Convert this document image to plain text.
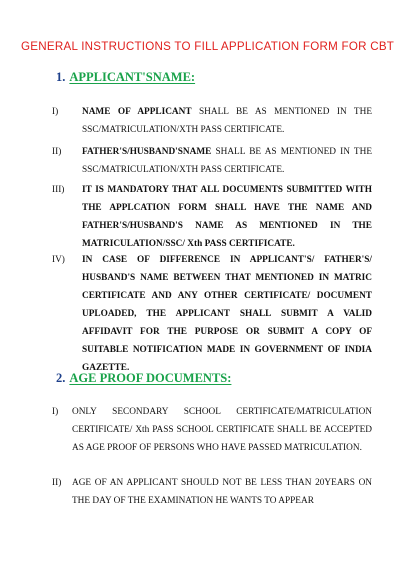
GENERAL INSTRUCTIONS TO FILL APPLICATION FORM FOR CBT
1. APPLICANT'SNAME:
I)	NAME OF APPLICANT SHALL BE AS MENTIONED IN THE SSC/MATRICULATION/XTH PASS CERTIFICATE.
II) FATHER'S/HUSBAND'SNAME SHALL BE AS MENTIONED IN THE SSC/MATRICULATION/XTH PASS CERTIFICATE.
III) IT IS MANDATORY THAT ALL DOCUMENTS SUBMITTED WITH THE APPLCATION FORM SHALL HAVE THE NAME AND FATHER'S/HUSBAND'S NAME AS MENTIONED IN THE MATRICULATION/SSC/ Xth PASS CERTIFICATE.
IV) IN CASE OF DIFFERENCE IN APPLICANT'S/ FATHER'S/ HUSBAND'S NAME BETWEEN THAT MENTIONED IN MATRIC CERTIFICATE AND ANY OTHER CERTIFICATE/ DOCUMENT UPLOADED, THE APPLICANT SHALL SUBMIT A VALID AFFIDAVIT FOR THE PURPOSE OR SUBMIT A COPY OF SUITABLE NOTIFICATION MADE IN GOVERNMENT OF INDIA GAZETTE.
2. AGE PROOF DOCUMENTS:
I) ONLY SECONDARY SCHOOL CERTIFICATE/MATRICULATION CERTIFICATE/ Xth PASS SCHOOL CERTIFICATE SHALL BE ACCEPTED AS AGE PROOF OF PERSONS WHO HAVE PASSED MATRICULATION.
II) AGE OF AN APPLICANT SHOULD NOT BE LESS THAN 20YEARS ON THE DAY OF THE EXAMINATION HE WANTS TO APPEAR
